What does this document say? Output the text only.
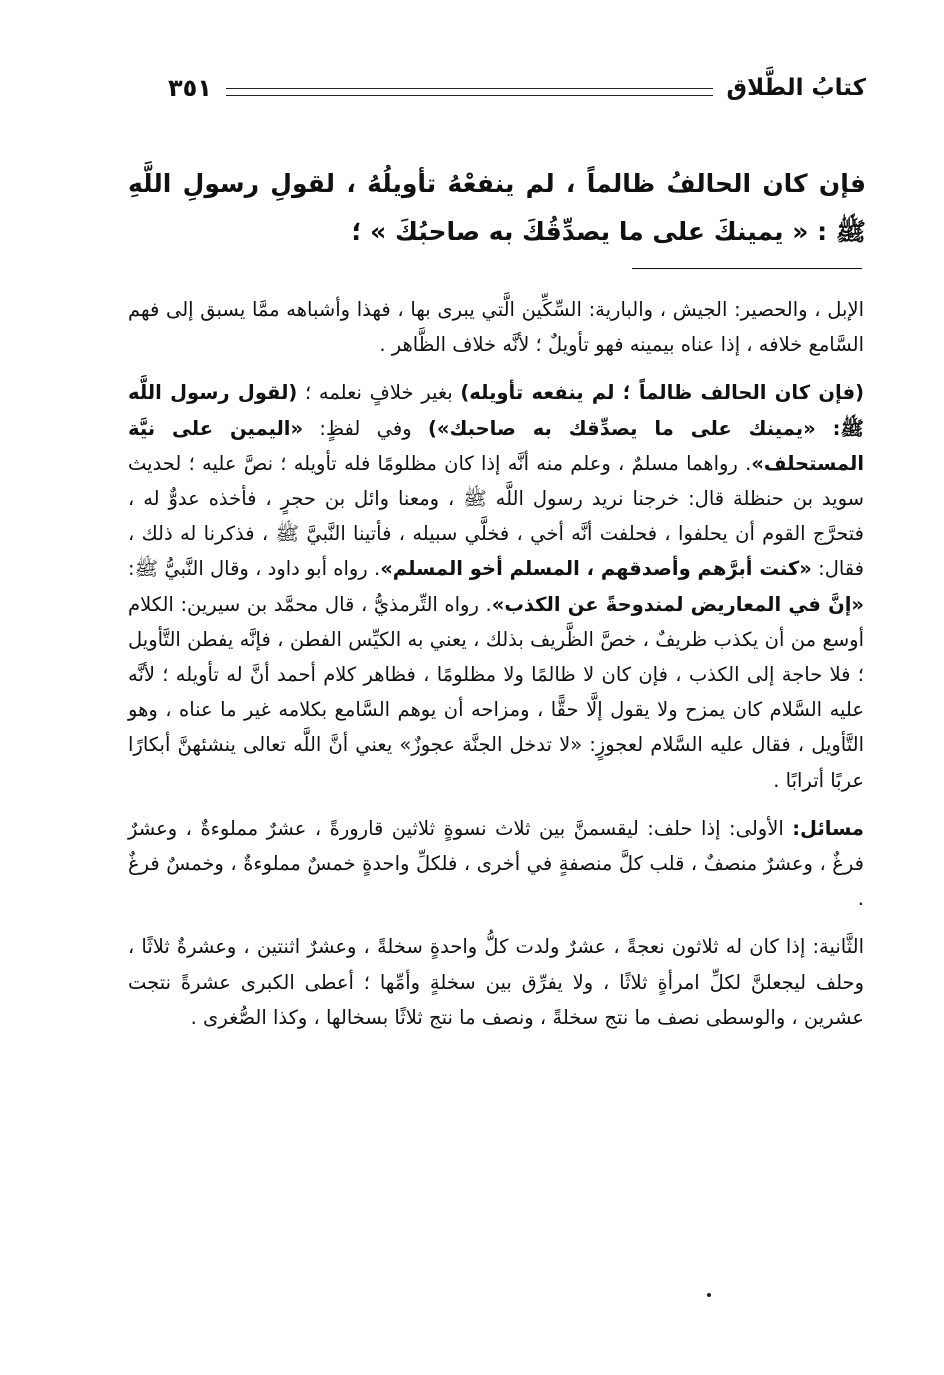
كتابُ الطَّلاق
٣٥١
فإن كان الحالفُ ظالماً ، لم ينفعْهُ تأويلُهُ ، لقولِ رسولِ اللَّهِ ﷺ : « يمينكَ على ما يصدِّقُكَ به صاحبُكَ » ؛

الإبل ، والحصير: الجيش ، والبارية: السِّكِّين الَّتي يبرى بها ، فهذا وأشباهه ممَّا يسبق إلى فهم السَّامع خلافه ، إذا عناه بيمينه فهو تأويلٌ ؛ لأنَّه خلاف الظَّاهر .

(فإن كان الحالف ظالماً ؛ لم ينفعه تأويله) بغير خلافٍ نعلمه ؛ (لقول رسول اللَّه ﷺ: «يمينك على ما يصدِّقك به صاحبك») وفي لفظٍ: «اليمين على نيَّة المستحلف». رواهما مسلمٌ ، وعلم منه أنَّه إذا كان مظلومًا فله تأويله ؛ نصَّ عليه ؛ لحديث سويد بن حنظلة قال: خرجنا نريد رسول اللَّه ﷺ ، ومعنا وائل بن حجرٍ ، فأخذه عدوٌّ له ، فتحرَّج القوم أن يحلفوا ، فحلفت أنَّه أخي ، فخلَّي سبيله ، فأتينا النَّبيَّ ﷺ ، فذكرنا له ذلك ، فقال: «كنت أبرَّهم وأصدقهم ، المسلم أخو المسلم». رواه أبو داود ، وقال النَّبيُّ ﷺ: «إنَّ في المعاريض لمندوحةً عن الكذب». رواه التِّرمذيُّ ، قال محمَّد بن سيرين: الكلام أوسع من أن يكذب ظريفٌ ، خصَّ الظَّريف بذلك ، يعني به الكيِّس الفطن ، فإنَّه يفطن التَّأويل ؛ فلا حاجة إلى الكذب ، فإن كان لا ظالمًا ولا مظلومًا ، فظاهر كلام أحمد أنَّ له تأويله ؛ لأنَّه عليه السَّلام كان يمزح ولا يقول إلَّا حقًّا ، ومزاحه أن يوهم السَّامع بكلامه غير ما عناه ، وهو التَّأويل ، فقال عليه السَّلام لعجوزٍ: «لا تدخل الجنَّة عجوزٌ» يعني أنَّ اللَّه تعالى ينشئهنَّ أبكارًا عربًا أترابًا .

مسائل: الأولى: إذا حلف: ليقسمنَّ بين ثلاث نسوةٍ ثلاثين قارورةً ، عشرٌ مملوءةٌ ، وعشرٌ فرغٌ ، وعشرٌ منصفٌ ، قلب كلَّ منصفةٍ في أخرى ، فلكلِّ واحدةٍ خمسٌ مملوءةٌ ، وخمسٌ فرغٌ .

الثَّانية: إذا كان له ثلاثون نعجةً ، عشرٌ ولدت كلُّ واحدةٍ سخلةً ، وعشرٌ اثنتين ، وعشرةٌ ثلاثًا ، وحلف ليجعلنَّ لكلِّ امرأةٍ ثلاثًا ، ولا يفرِّق بين سخلةٍ وأمِّها ؛ أعطى الكبرى عشرةً نتجت عشرين ، والوسطى نصف ما نتج سخلةً ، ونصف ما نتج ثلاثًا بسخالها ، وكذا الصُّغرى .
